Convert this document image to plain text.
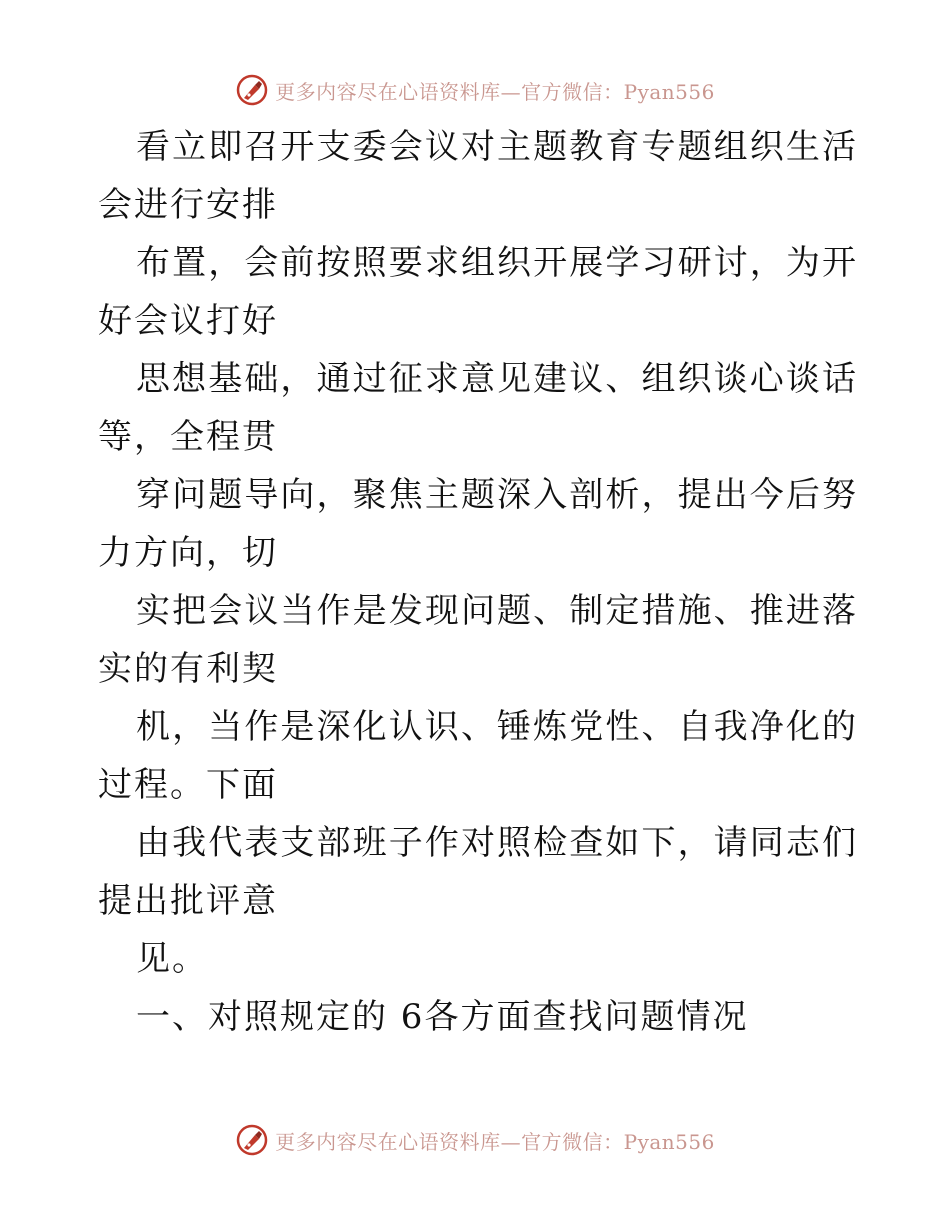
更多内容尽在心语资料库—官方微信：Pyan556

看立即召开支委会议对主题教育专题组织生活会进行安排

布置，会前按照要求组织开展学习研讨，为开好会议打好

思想基础，通过征求意见建议、组织谈心谈话 等，全程贯

穿问题导向，聚焦主题深入剖析，提出今后努力方向，切

实把会议当作是发现问题、制定措施、推进落实的有利契

机，当作是深化认识、锤炼党性、自我净化的过程。下面

由我代表支部班子作对照检查如下，请同志们提出批评意

见。

一、对照规定的 6各方面查找问题情况

更多内容尽在心语资料库—官方微信：Pyan556
